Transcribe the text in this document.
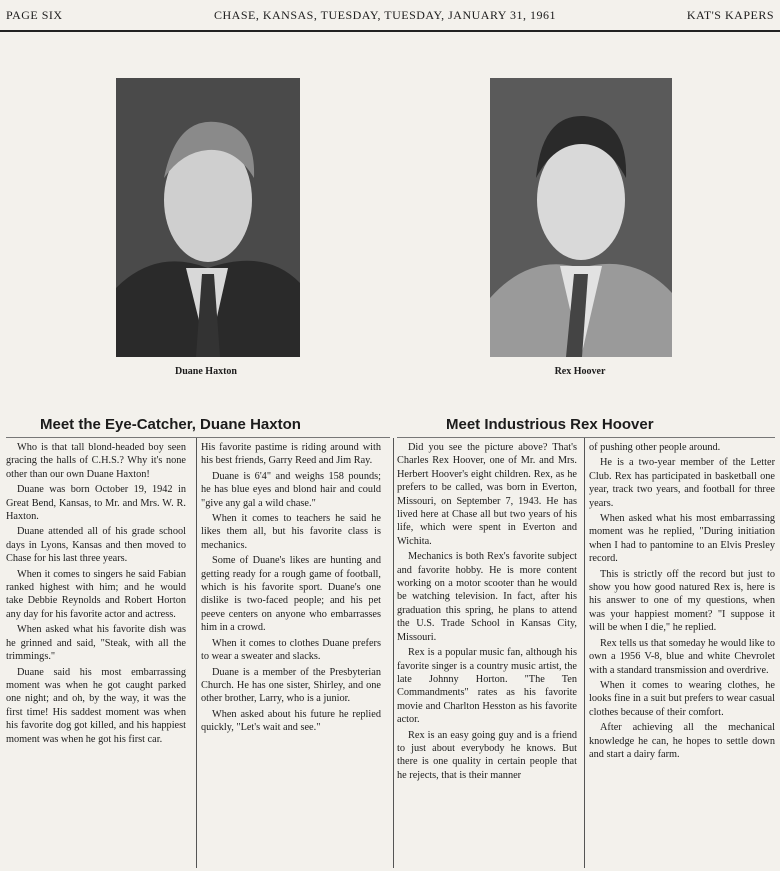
PAGE SIX	CHASE, KANSAS, TUESDAY, TUESDAY, JANUARY 31, 1961	KAT'S KAPERS
Duane Haxton	Rex Hoover
Meet the Eye-Catcher, Duane Haxton	Meet Industrious Rex Hoover

Who is that tall blond-headed boy seen gracing the halls of C.H.S.? Why it's none other than our own Duane Haxton!

Duane was born October 19, 1942 in Great Bend, Kansas, to Mr. and Mrs. W. R. Haxton.

Duane attended all of his grade school days in Lyons, Kansas and then moved to Chase for his last three years.

When it comes to singers he said Fabian ranked highest with him; and he would take Debbie Reynolds and Robert Horton any day for his favorite actor and actress.

When asked what his favorite dish was he grinned and said, "Steak, with all the trimmings."

Duane said his most embarrassing moment was when he got caught parked one night; and oh, by the way, it was the first time! His saddest moment was when his favorite dog got killed, and his happiest moment was when he got his first car.

His favorite pastime is riding around with his best friends, Garry Reed and Jim Ray.

Duane is 6'4" and weighs 158 pounds; he has blue eyes and blond hair and could "give any gal a wild chase."

When it comes to teachers he said he likes them all, but his favorite class is mechanics.

Some of Duane's likes are hunting and getting ready for a rough game of football, which is his favorite sport. Duane's one dislike is two-faced people; and his pet peeve centers on anyone who embarrasses him in a crowd.

When it comes to clothes Duane prefers to wear a sweater and slacks.

Duane is a member of the Presbyterian Church. He has one sister, Shirley, and one other brother, Larry, who is a junior.

When asked about his future he replied quickly, "Let's wait and see."

Did you see the picture above? That's Charles Rex Hoover, one of Mr. and Mrs. Herbert Hoover's eight children. Rex, as he prefers to be called, was born in Everton, Missouri, on September 7, 1943. He has lived here at Chase all but two years of his life, which were spent in Everton and Wichita.

Mechanics is both Rex's favorite subject and favorite hobby. He is more content working on a motor scooter than he would be watching television. In fact, after his graduation this spring, he plans to attend the U.S. Trade School in Kansas City, Missouri.

Rex is a popular music fan, although his favorite singer is a country music artist, the late Johnny Horton. "The Ten Commandments" rates as his favorite movie and Charlton Hesston as his favorite actor.

Rex is an easy going guy and is a friend to just about everybody he knows. But there is one quality in certain people that he rejects, that is their manner

of pushing other people around.

He is a two-year member of the Letter Club. Rex has participated in basketball one year, track two years, and football for three years.

When asked what his most embarrassing moment was he replied, "During initiation when I had to pantomine to an Elvis Presley record.

This is strictly off the record but just to show you how good natured Rex is, here is his answer to one of my questions, when was your happiest moment? "I suppose it will be when I die," he replied.

Rex tells us that someday he would like to own a 1956 V-8, blue and white Chevrolet with a standard transmission and overdrive.

When it comes to wearing clothes, he looks fine in a suit but prefers to wear casual clothes because of their comfort.

After achieving all the mechanical knowledge he can, he hopes to settle down and start a dairy farm.
